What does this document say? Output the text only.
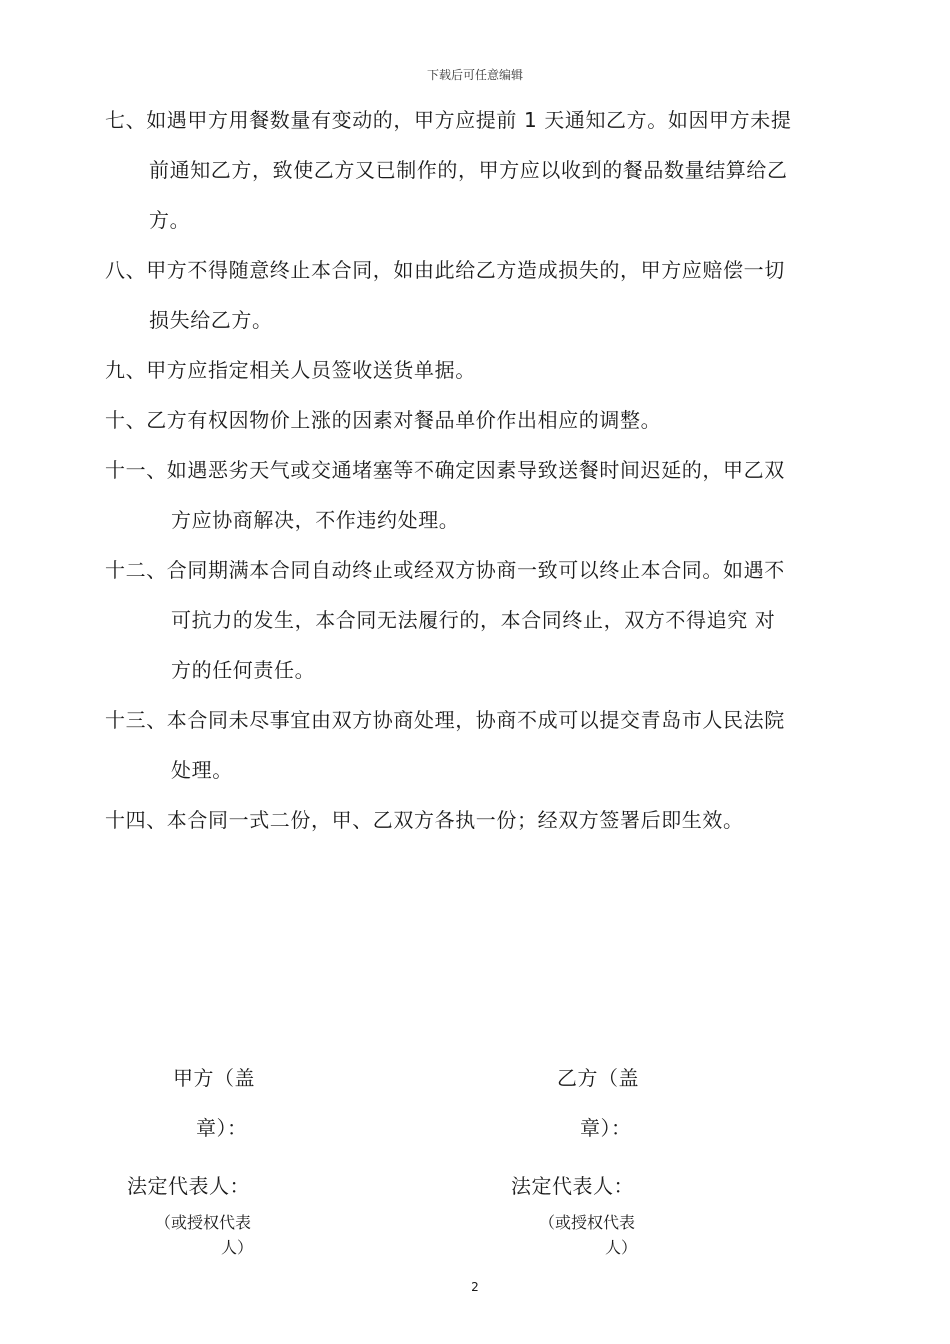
下载后可任意编辑
七、如遇甲方用餐数量有变动的，甲方应提前 1 天通知乙方。如因甲方未提
前通知乙方，致使乙方又已制作的，甲方应以收到的餐品数量结算给乙
方。
八、甲方不得随意终止本合同，如由此给乙方造成损失的，甲方应赔偿一切
损失给乙方。
九、甲方应指定相关人员签收送货单据。
十、乙方有权因物价上涨的因素对餐品单价作出相应的调整。
十一、如遇恶劣天气或交通堵塞等不确定因素导致送餐时间迟延的，甲乙双
方应协商解决，不作违约处理。
十二、合同期满本合同自动终止或经双方协商一致可以终止本合同。如遇不
可抗力的发生，本合同无法履行的，本合同终止，双方不得追究 对
方的任何责任。
十三、本合同未尽事宜由双方协商处理，协商不成可以提交青岛市人民法院
处理。
十四、本合同一式二份，甲、乙双方各执一份；经双方签署后即生效。
甲方（盖
章）：
法定代表人：
（或授权代表
人）
乙方（盖
章）：
法定代表人：
（或授权代表
人）
2
